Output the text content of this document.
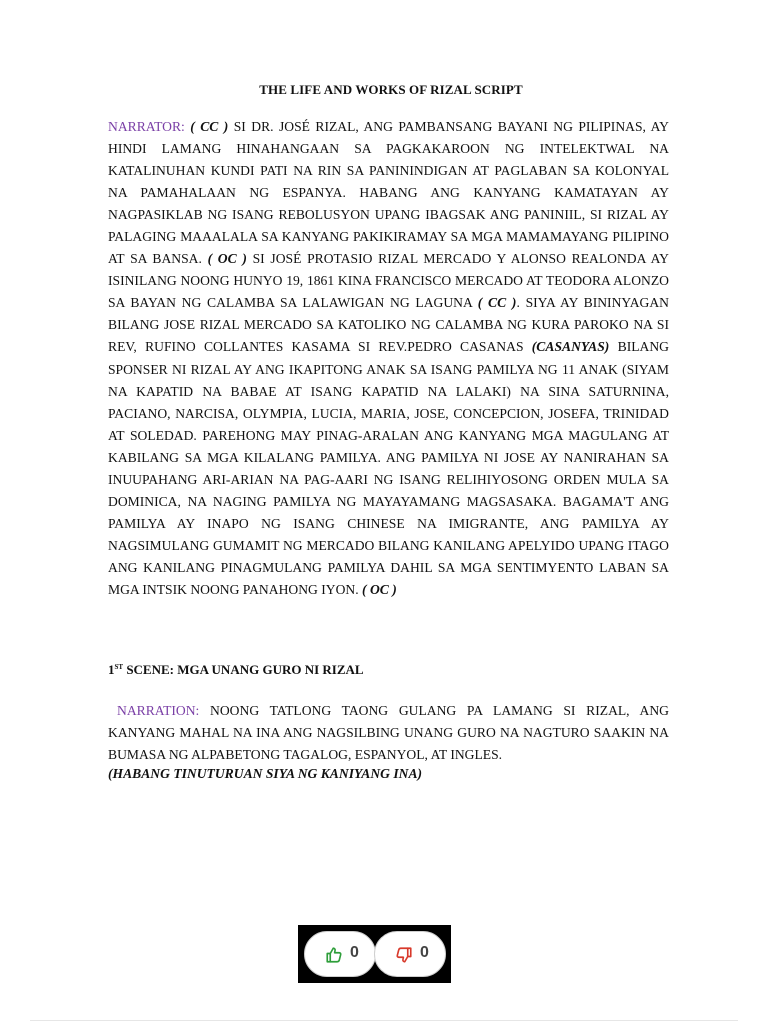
THE LIFE AND WORKS OF RIZAL SCRIPT
NARRATOR: ( CC ) SI DR. JOSÉ RIZAL, ANG PAMBANSANG BAYANI NG PILIPINAS, AY HINDI LAMANG HINAHANGAAN SA PAGKAKAROON NG INTELEKTWAL NA KATALINUHAN KUNDI PATI NA RIN SA PANININDIGAN AT PAGLABAN SA KOLONYAL NA PAMAHALAAN NG ESPANYA. HABANG ANG KANYANG KAMATAYAN AY NAGPASIKLAB NG ISANG REBOLUSYON UPANG IBAGSAK ANG PANINIIL, SI RIZAL AY PALAGING MAAALALA SA KANYANG PAKIKIRAMAY SA MGA MAMAMAYANG PILIPINO AT SA BANSA. ( OC ) SI JOSÉ PROTASIO RIZAL MERCADO Y ALONSO REALONDA AY ISINILANG NOONG HUNYO 19, 1861 KINA FRANCISCO MERCADO AT TEODORA ALONZO SA BAYAN NG CALAMBA SA LALAWIGAN NG LAGUNA ( CC ). SIYA AY BININYAGAN BILANG JOSE RIZAL MERCADO SA KATOLIKO NG CALAMBA NG KURA PAROKO NA SI REV, RUFINO COLLANTES KASAMA SI REV.PEDRO CASANAS (CASANYAS) BILANG SPONSER NI RIZAL AY ANG IKAPITONG ANAK SA ISANG PAMILYA NG 11 ANAK (SIYAM NA KAPATID NA BABAE AT ISANG KAPATID NA LALAKI) NA SINA SATURNINA, PACIANO, NARCISA, OLYMPIA, LUCIA, MARIA, JOSE, CONCEPCION, JOSEFA, TRINIDAD AT SOLEDAD. PAREHONG MAY PINAG-ARALAN ANG KANYANG MGA MAGULANG AT KABILANG SA MGA KILALANG PAMILYA. ANG PAMILYA NI JOSE AY NANIRAHAN SA INUUPAHANG ARI-ARIAN NA PAG-AARI NG ISANG RELIHIYOSONG ORDEN MULA SA DOMINICA, NA NAGING PAMILYA NG MAYAYAMANG MAGSASAKA. BAGAMA'T ANG PAMILYA AY INAPO NG ISANG CHINESE NA IMIGRANTE, ANG PAMILYA AY NAGSIMULANG GUMAMIT NG MERCADO BILANG KANILANG APELYIDO UPANG ITAGO ANG KANILANG PINAGMULANG PAMILYA DAHIL SA MGA SENTIMYENTO LABAN SA MGA INTSIK NOONG PANAHONG IYON. ( OC )
1ST SCENE: MGA UNANG GURO NI RIZAL
NARRATION: NOONG TATLONG TAONG GULANG PA LAMANG SI RIZAL, ANG KANYANG MAHAL NA INA ANG NAGSILBING UNANG GURO NA NAGTURO SAAKIN NA BUMASA NG ALPABETONG TAGALOG, ESPANYOL, AT INGLES.
(HABANG TINUTURUAN SIYA NG KANIYANG INA)
0	0
